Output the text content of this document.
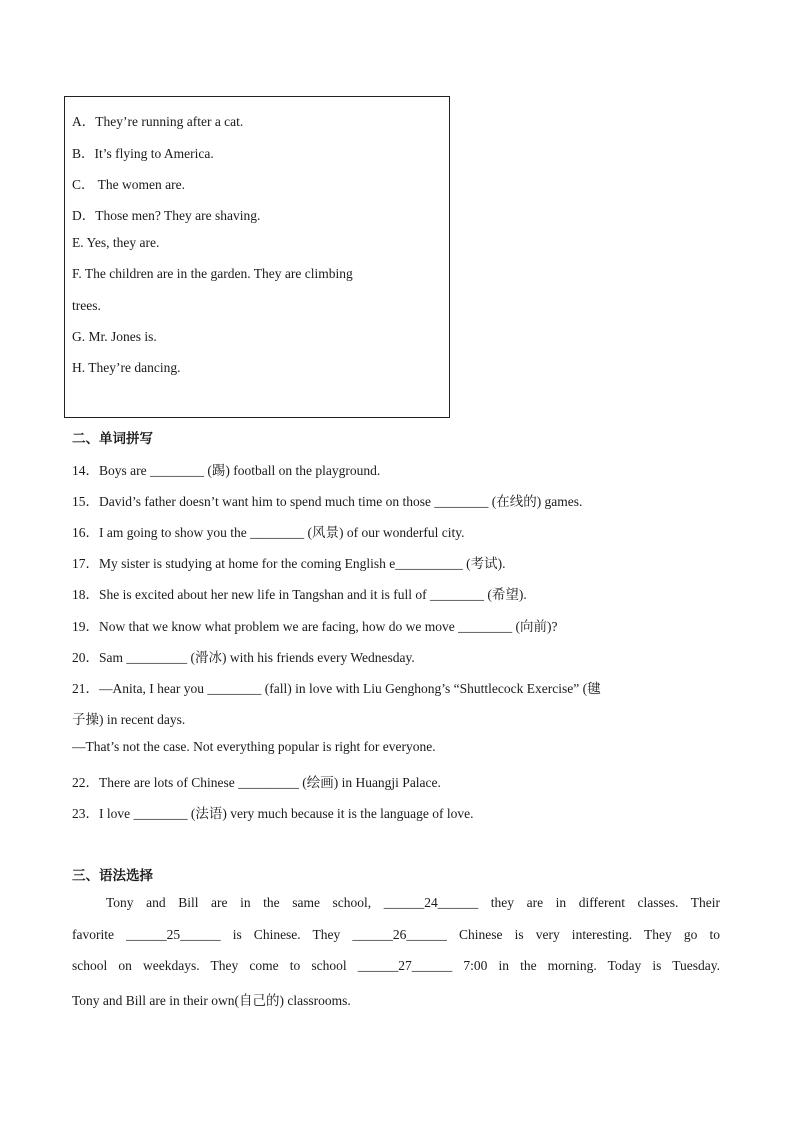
A．They’re running after a cat.
B．It’s flying to America.
C． The women are.
D．Those men? They are shaving.
E. Yes, they are.
F. The children are in the garden. They are climbing
trees.
G. Mr. Jones is.
H. They’re dancing.
二、单词拼写
14．Boys are ________ (踢) football on the playground.
15．David’s father doesn’t want him to spend much time on those ________ (在线的) games.
16．I am going to show you the ________ (风景) of our wonderful city.
17．My sister is studying at home for the coming English e__________ (考试).
18．She is excited about her new life in Tangshan and it is full of ________ (希望).
19．Now that we know what problem we are facing, how do we move ________ (向前)?
20．Sam _________ (滑冰) with his friends every Wednesday.
21．—Anita, I hear you ________ (fall) in love with Liu Genghong’s “Shuttlecock Exercise” (毽
子操) in recent days.
—That’s not the case. Not everything popular is right for everyone.
22．There are lots of Chinese _________ (绘画) in Huangji Palace.
23．I love ________ (法语) very much because it is the language of love.
三、语法选择
Tony and Bill are in the same school, ______24______ they are in different classes. Their
favorite ______25______ is Chinese. They ______26______ Chinese is very interesting. They go to
school on weekdays. They come to school ______27______ 7:00 in the morning. Today is Tuesday.
Tony and Bill are in their own(自己的) classrooms.
